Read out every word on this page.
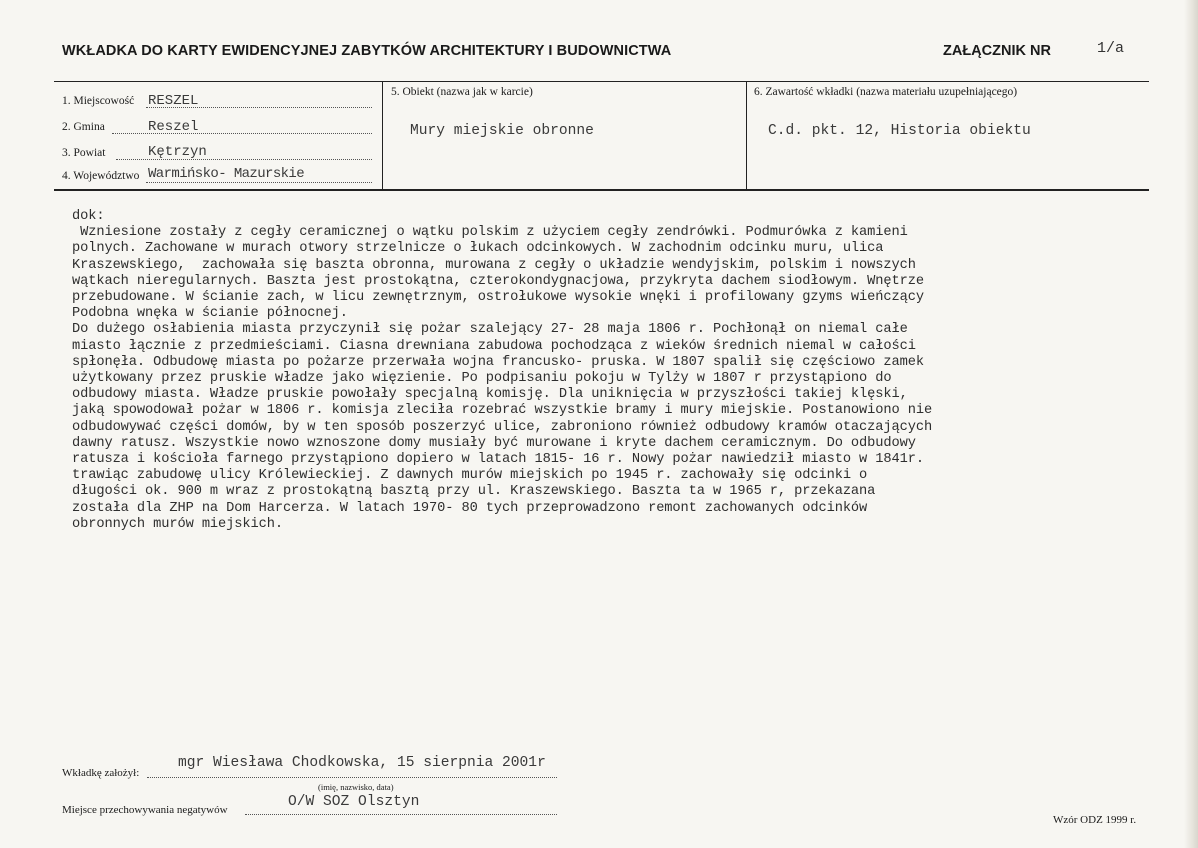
WKŁADKA DO KARTY EWIDENCYJNEJ ZABYTKÓW ARCHITEKTURY I BUDOWNICTWA	ZAŁĄCZNIK NR	1/a
1. Miejscowość RESZEL
2. Gmina	Reszel
3. Powiat	Kętrzyn
4. Województwo Warmińsko- Mazurskie
5. Obiekt (nazwa jak w karcie)
Mury miejskie obronne
6. Zawartość wkładki (nazwa materiału uzupełniającego)
C.d. pkt. 12, Historia obiektu
dok:
Wzniesione zostały z cegły ceramicznej o wątku polskim z użyciem cegły zendrówki. Podmurówka z kamieni
polnych. Zachowane w murach otwory strzelnicze o łukach odcinkowych. W zachodnim odcinku muru, ulica
Kraszewskiego,  zachowała się baszta obronna, murowana z cegły o układzie wendyjskim, polskim i nowszych
wątkach nieregularnych. Baszta jest prostokątna, czterokondygnacjowa, przykryta dachem siodłowym. Wnętrze
przebudowane. W ścianie zach, w licu zewnętrznym, ostrołukowe wysokie wnęki i profilowany gzyms wieńczący
Podobna wnęka w ścianie północnej.
Do dużego osłabienia miasta przyczynił się pożar szalejący 27- 28 maja 1806 r. Pochłonął on niemal całe
miasto łącznie z przedmieściami. Ciasna drewniana zabudowa pochodząca z wieków średnich niemal w całości
spłonęła. Odbudowę miasta po pożarze przerwała wojna francusko- pruska. W 1807 spalił się częściowo zamek
użytkowany przez pruskie władze jako więzienie. Po podpisaniu pokoju w Tylży w 1807 r przystąpiono do
odbudowy miasta. Władze pruskie powołały specjalną komisję. Dla uniknięcia w przyszłości takiej klęski,
jaką spowodował pożar w 1806 r. komisja zleciła rozebrać wszystkie bramy i mury miejskie. Postanowiono nie
odbudowywać części domów, by w ten sposób poszerzyć ulice, zabroniono również odbudowy kramów otaczających
dawny ratusz. Wszystkie nowo wznoszone domy musiały być murowane i kryte dachem ceramicznym. Do odbudowy
ratusza i kościoła farnego przystąpiono dopiero w latach 1815- 16 r. Nowy pożar nawiedził miasto w 1841r.
trawiąc zabudowę ulicy Królewieckiej. Z dawnych murów miejskich po 1945 r. zachowały się odcinki o
długości ok. 900 m wraz z prostokątną basztą przy ul. Kraszewskiego. Baszta ta w 1965 r, przekazana
została dla ZHP na Dom Harcerza. W latach 1970- 80 tych przeprowadzono remont zachowanych odcinków
obronnych murów miejskich.
Wkładkę założył:
mgr Wiesława Chodkowska, 15 sierpnia 2001r
(imię, nazwisko, data)
Miejsce przechowywania negatywów	O/W SOZ Olsztyn
Wzór ODZ 1999 r.
